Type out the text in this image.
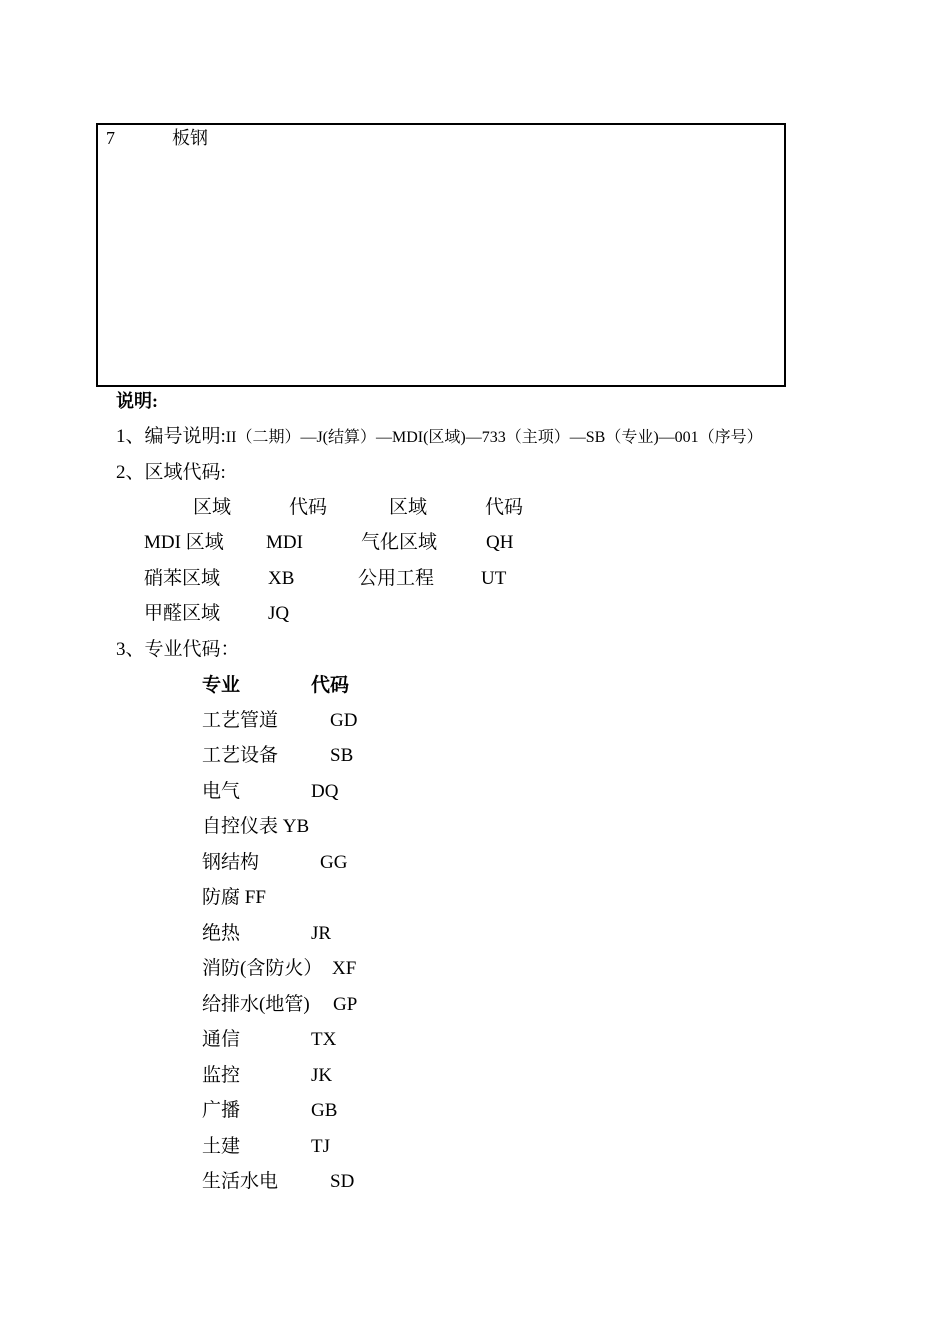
7	板钢
说明:
1、编号说明:II（二期）—J(结算）—MDI(区域)—733（主项）—SB（专业)—001（序号）
2、区域代码:
区域	代码	区域	代码
MDI 区域 MDI	气化区域	QH
硝苯区域	XB	公用工程 UT
甲醛区域	JQ
3、专业代码：
专业	代码
工艺管道	GD
工艺设备	SB
电气	DQ
自控仪表 YB
钢结构	GG
防腐 FF
绝热	JR
消防(含防火） XF
给排水(地管) GP
通信	TX
监控	JK
广播	GB
土建	TJ
生活水电	SD
